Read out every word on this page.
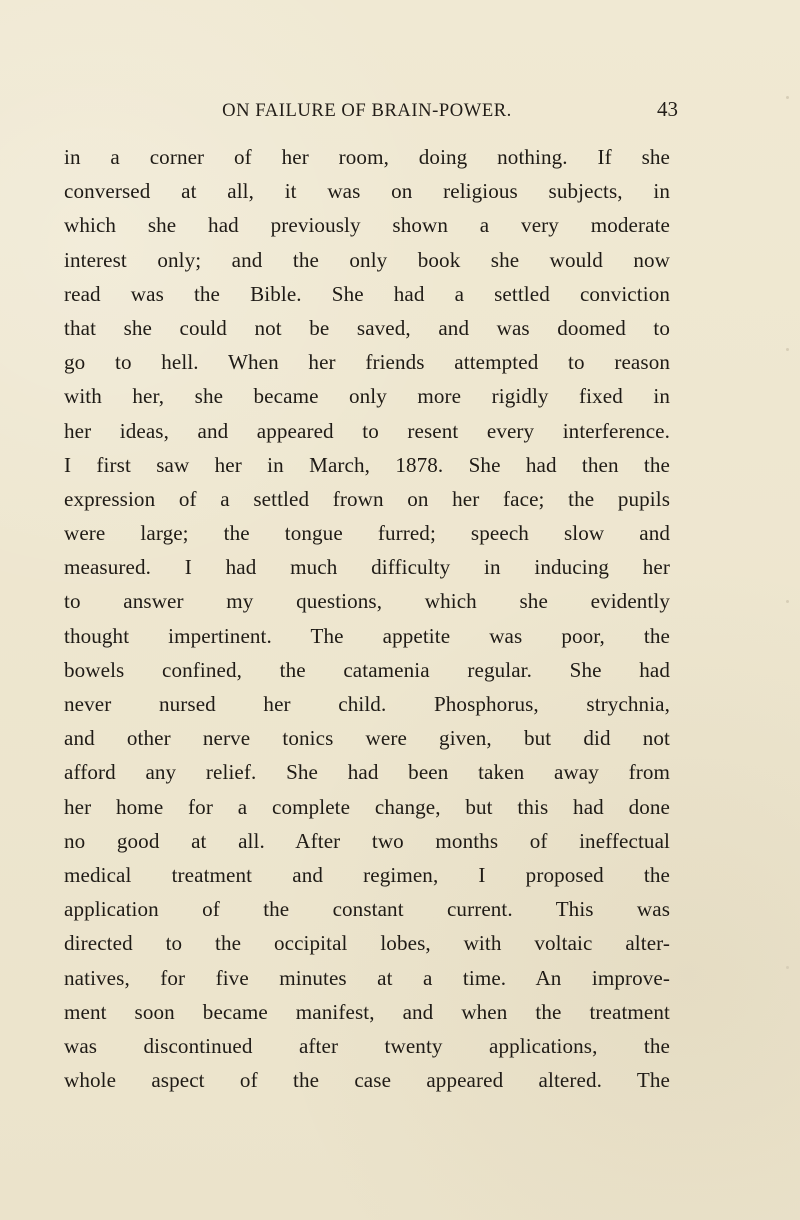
ON FAILURE OF BRAIN-POWER.	43
in a corner of her room, doing nothing. If she
conversed at all, it was on religious subjects, in
which she had previously shown a very moderate
interest only; and the only book she would now
read was the Bible. She had a settled conviction
that she could not be saved, and was doomed to
go to hell. When her friends attempted to reason
with her, she became only more rigidly fixed in
her ideas, and appeared to resent every interference.
I first saw her in March, 1878. She had then the
expression of a settled frown on her face; the pupils
were large; the tongue furred; speech slow and
measured. I had much difficulty in inducing her
to answer my questions, which she evidently
thought impertinent. The appetite was poor, the
bowels confined, the catamenia regular. She had
never nursed her child. Phosphorus, strychnia,
and other nerve tonics were given, but did not
afford any relief. She had been taken away from
her home for a complete change, but this had done
no good at all. After two months of ineffectual
medical treatment and regimen, I proposed the
application of the constant current. This was
directed to the occipital lobes, with voltaic alter-
natives, for five minutes at a time. An improve-
ment soon became manifest, and when the treatment
was discontinued after twenty applications, the
whole aspect of the case appeared altered. The
